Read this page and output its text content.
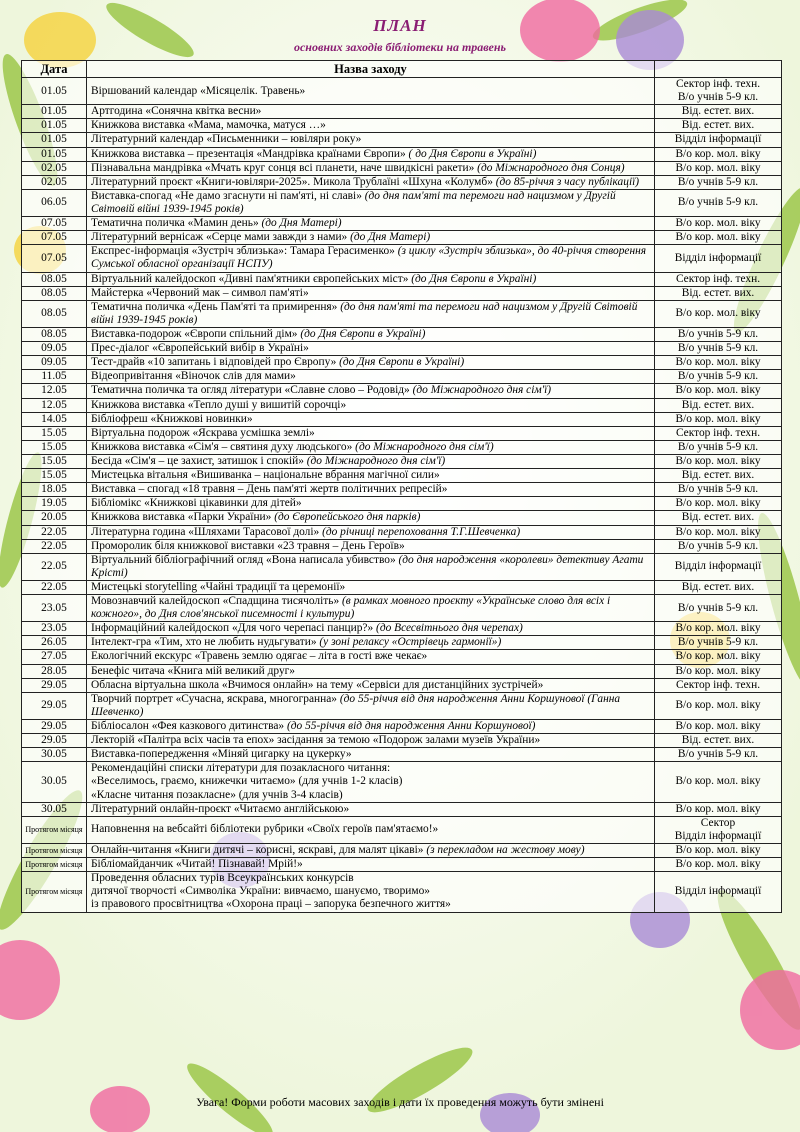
ПЛАН
основних заходів бібліотеки на травень
Дата	Назва заходу	
01.05	Віршований календар «Місяцелік. Травень»	Сектор інф. техн.
В/о учнів 5-9 кл.

01.05	Артгодина «Сонячна квітка весни»	Від. естет. вих.

01.05	Книжкова виставка «Мама, мамочка, матуся …»	Від. естет. вих.

01.05	Літературний календар «Письменники – ювіляри року»	Відділ інформації

01.05	Книжкова виставка – презентація «Мандрівка країнами Європи» ( до Дня Європи в Україні)	В/о кор. мол. віку

02.05	Пізнавальна мандрівка «Мчать круг сонця всі планети, наче швидкісні ракети» (до Міжнародного дня Сонця)	В/о кор. мол. віку

02.05	Літературний проєкт «Книги-ювіляри-2025». Микола Трублаїні «Шхуна «Колумб» (до 85-річчя з часу публікації)	В/о учнів 5-9 кл.

06.05	Виставка-спогад «Не дамо згаснути ні пам'яті, ні славі» (до дня пам'яті та перемоги над нацизмом у Другій Світовій війні 1939-1945 років)	В/о учнів 5-9 кл.

07.05	Тематична поличка «Мамин день» (до Дня Матері)	В/о кор. мол. віку

07.05	Літературний вернісаж «Серце мами завжди з нами» (до Дня Матері)	В/о кор. мол. віку

07.05	Експрес-інформація «Зустріч зблизька»: Тамара Герасименко» (з циклу «Зустріч зблизька», до 40-річчя створення Сумської обласної організації НСПУ)	Відділ інформації

08.05	Віртуальний калейдоскоп «Дивні пам'ятники європейських міст» (до Дня Європи в Україні)	Сектор інф. техн.

08.05	Майстерка «Червоний мак – символ пам'яті»	Від. естет. вих.

08.05	Тематична поличка «День Пам'яті та примирення» (до дня пам'яті та перемоги над нацизмом у Другій Світовій війні 1939-1945 років)	В/о кор. мол. віку

08.05	Виставка-подорож «Європи спільний дім» (до Дня Європи в Україні)	В/о учнів 5-9 кл.

09.05	Прес-діалог «Європейський вибір в Україні»	В/о учнів 5-9 кл.

09.05	Тест-драйв «10 запитань і відповідей про Європу» (до Дня Європи в Україні)	В/о кор. мол. віку

11.05	Відеопривітання «Віночок слів для мами»	В/о учнів 5-9 кл.

12.05	Тематична поличка та огляд літератури «Славне слово – Родовід» (до Міжнародного дня сім'ї)	В/о кор. мол. віку

12.05	Книжкова виставка «Тепло душі у вишитій сорочці»	Від. естет. вих.

14.05	Бібліофреш «Книжкові новинки»	В/о кор. мол. віку

15.05	Віртуальна подорож «Яскрава усмішка землі»	Сектор інф. техн.

15.05	Книжкова виставка «Сім'я – святиня духу людського» (до Міжнародного дня сім'ї)	В/о учнів 5-9 кл.

15.05	Бесіда «Сім'я – це захист, затишок і спокій» (до Міжнародного дня сім'ї)	В/о кор. мол. віку

15.05	Мистецька вітальня «Вишиванка – національне вбрання магічної сили»	Від. естет. вих.

18.05	Виставка – спогад «18 травня – День пам'яті жертв політичних репресій»	В/о учнів 5-9 кл.

19.05	Бібліомікс «Книжкові цікавинки для дітей»	В/о кор. мол. віку

20.05	Книжкова виставка «Парки України» (до Європейського дня парків)	Від. естет. вих.

22.05	Літературна година «Шляхами Тарасової долі» (до річниці перепоховання Т.Г.Шевченка)	В/о кор. мол. віку

22.05	Проморолик біля книжкової виставки «23 травня – День Героїв»	В/о учнів 5-9 кл.

22.05	Віртуальний бібліографічний огляд «Вона написала убивство» (до дня народження «королеви» детективу Агати Крісті)	Відділ інформації

22.05	Мистецькі storytelling «Чайні традиції та церемонії»	Від. естет. вих.

23.05	Мовознавчий калейдоскоп «Спадщина тисячоліть» (в рамках мовного проєкту «Українське слово для всіх і кожного», до Дня слов'янської писемності і культури)	В/о учнів 5-9 кл.

23.05	Інформаційний калейдоскоп «Для чого черепасі панцир?» (до Всесвітнього дня черепах)	В/о кор. мол. віку

26.05	Інтелект-гра «Тим, хто не любить нудьгувати» (у зоні релаксу «Острівець гармонії»)	В/о учнів 5-9 кл.

27.05	Екологічний екскурс «Травень землю одягає – літа в гості вже чекає»	В/о кор. мол. віку

28.05	Бенефіс читача «Книга мій великий друг»	В/о кор. мол. віку

29.05	Обласна віртуальна школа «Вчимося онлайн» на тему «Сервіси для дистанційних зустрічей»	Сектор інф. техн.

29.05	Творчий портрет «Сучасна, яскрава, многогранна» (до 55-річчя від дня народження Анни Коршунової (Ганна Шевченко)	В/о кор. мол. віку

29.05	Бібліосалон «Фея казкового дитинства» (до 55-річчя від дня народження Анни Коршунової)	В/о кор. мол. віку

29.05	Лекторій «Палітра всіх часів та епох» засідання за темою «Подорож залами музеїв України»	Від. естет. вих.

30.05	Виставка-попередження «Міняй цигарку на цукерку»	В/о учнів 5-9 кл.

30.05	Рекомендаційні списки літератури для позакласного читання:
«Веселимось, граємо, книжечки читаємо» (для учнів 1-2 класів)
«Класне читання позакласне» (для учнів 3-4 класів)	В/о кор. мол. віку

30.05	Літературний онлайн-проєкт «Читаємо англійською»	В/о кор. мол. віку

Протягом місяця	Наповнення на вебсайті бібліотеки рубрики «Своїх героїв пам'ятаємо!»	Сектор
Відділ інформації

Протягом місяця	Онлайн-читання «Книги дитячі – корисні, яскраві, для малят цікаві» (з перекладом на жестову мову)	В/о кор. мол. віку

Протягом місяця	Бібліомайданчик «Читай! Пізнавай! Мрій!»	В/о кор. мол. віку

Протягом місяця	Проведення обласних турів Всеукраїнських конкурсів
дитячої творчості «Символіка України: вивчаємо, шануємо, творимо»
із правового просвітництва «Охорона праці – запорука безпечного життя»	Відділ інформації
Увага! Форми роботи масових заходів і дати їх проведення можуть бути змінені
